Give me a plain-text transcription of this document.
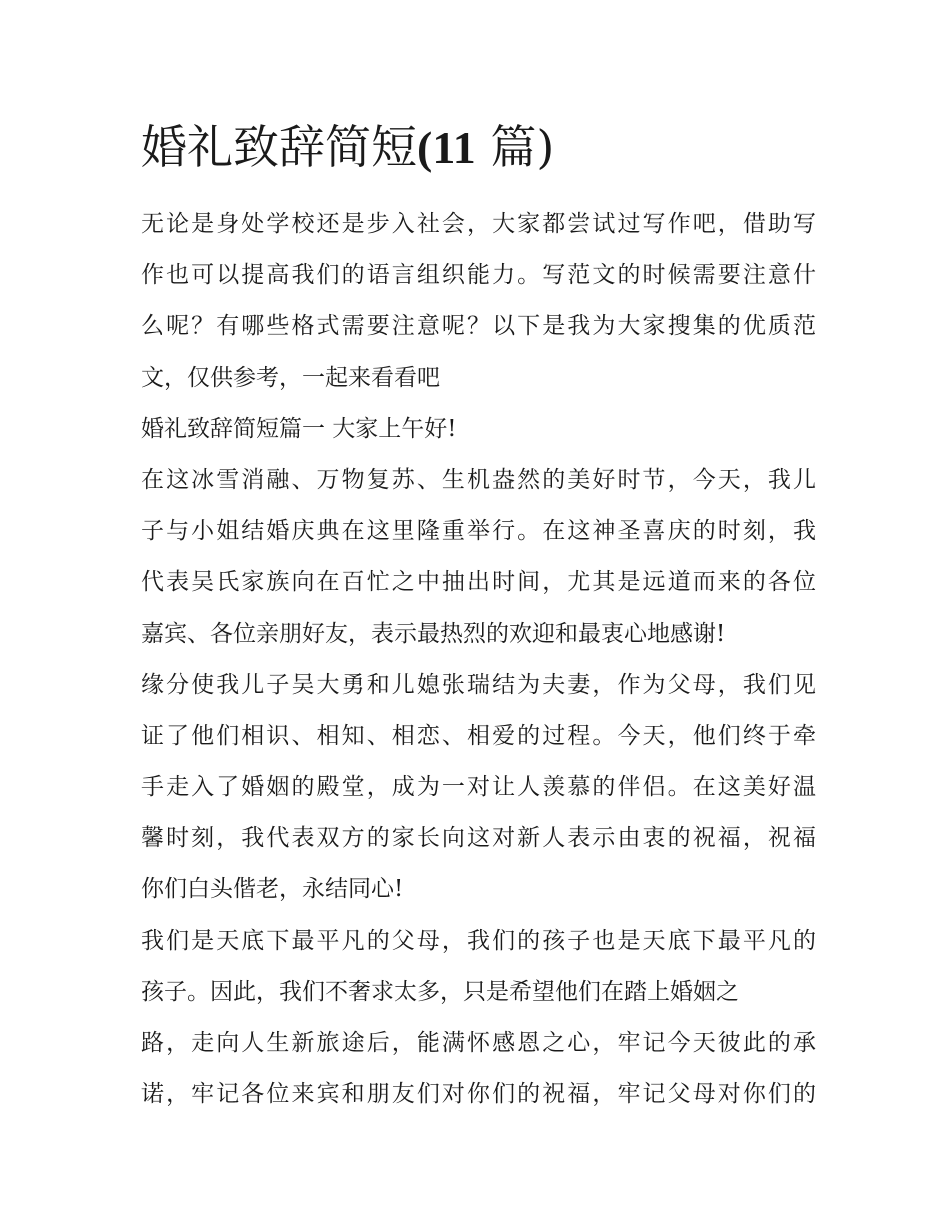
婚礼致辞简短(11 篇)
无论是身处学校还是步入社会，大家都尝试过写作吧，借助写
作也可以提高我们的语言组织能力。写范文的时候需要注意什
么呢？有哪些格式需要注意呢？以下是我为大家搜集的优质范
文，仅供参考，一起来看看吧
婚礼致辞简短篇一 大家上午好!
在这冰雪消融、万物复苏、生机盎然的美好时节，今天，我儿
子与小姐结婚庆典在这里隆重举行。在这神圣喜庆的时刻，我
代表吴氏家族向在百忙之中抽出时间，尤其是远道而来的各位
嘉宾、各位亲朋好友，表示最热烈的欢迎和最衷心地感谢!
缘分使我儿子吴大勇和儿媳张瑞结为夫妻，作为父母，我们见
证了他们相识、相知、相恋、相爱的过程。今天，他们终于牵
手走入了婚姻的殿堂，成为一对让人羡慕的伴侣。在这美好温
馨时刻，我代表双方的家长向这对新人表示由衷的祝福，祝福
你们白头偕老，永结同心!
我们是天底下最平凡的父母，我们的孩子也是天底下最平凡的
孩子。因此，我们不奢求太多，只是希望他们在踏上婚姻之
路，走向人生新旅途后，能满怀感恩之心，牢记今天彼此的承
诺，牢记各位来宾和朋友们对你们的祝福，牢记父母对你们的
